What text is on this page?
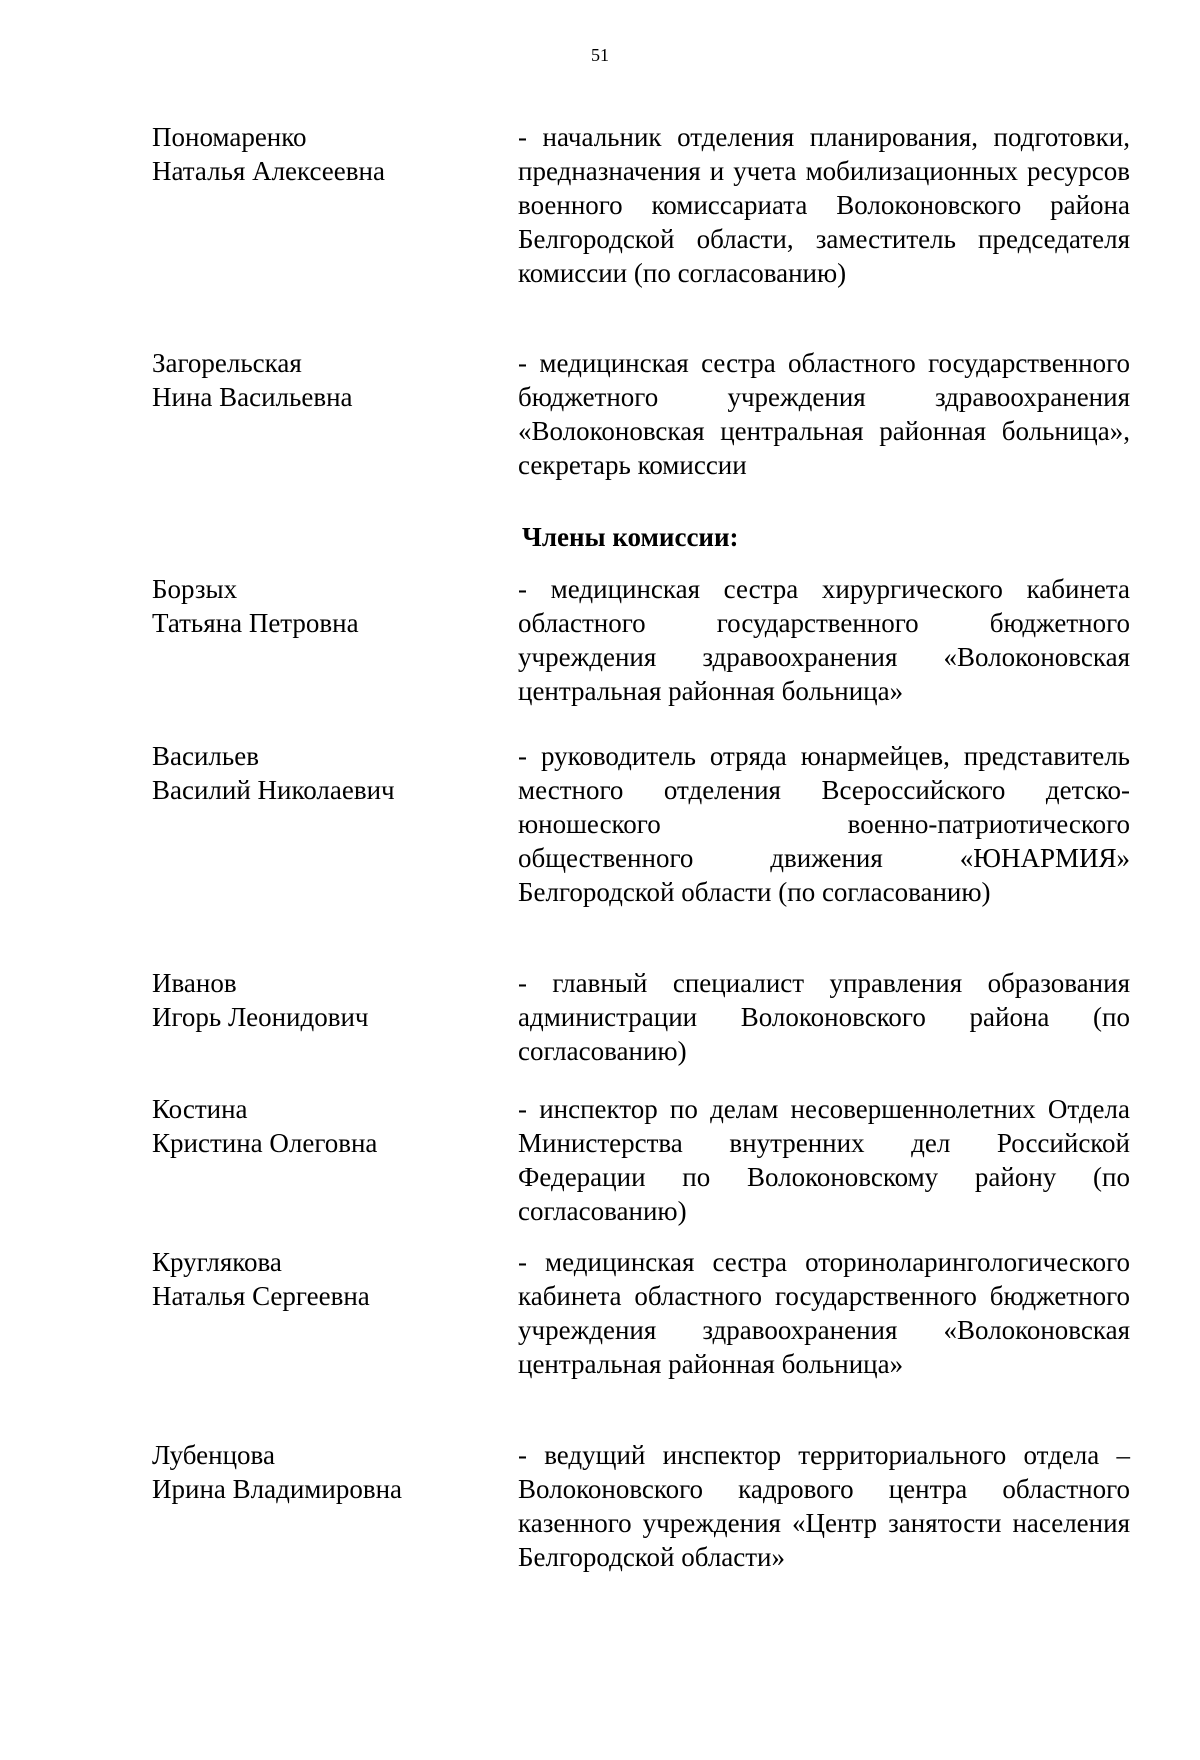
51
Пономаренко
Наталья Алексеевна
- начальник отделения планирования, подготовки, предназначения и учета мобилизационных ресурсов военного комиссариата Волоконовского района Белгородской области, заместитель председателя комиссии (по согласованию)
Загорельская
Нина Васильевна
- медицинская сестра областного государственного бюджетного учреждения здравоохранения «Волоконовская центральная районная больница», секретарь комиссии
Члены комиссии:
Борзых
Татьяна Петровна
- медицинская сестра хирургического кабинета областного государственного бюджетного учреждения здравоохранения «Волоконовская центральная районная больница»
Васильев
Василий Николаевич
- руководитель отряда юнармейцев, представитель местного отделения Всероссийского детско-юношеского военно-патриотического общественного движения «ЮНАРМИЯ» Белгородской области (по согласованию)
Иванов
Игорь Леонидович
- главный специалист управления образования администрации Волоконовского района (по согласованию)
Костина
Кристина Олеговна
- инспектор по делам несовершеннолетних Отдела Министерства внутренних дел Российской Федерации по Волоконовскому району (по согласованию)
Круглякова
Наталья Сергеевна
- медицинская сестра оториноларингологического кабинета областного государственного бюджетного учреждения здравоохранения «Волоконовская центральная районная больница»
Лубенцова
Ирина Владимировна
- ведущий инспектор территориального отдела – Волоконовского кадрового центра областного казенного учреждения «Центр занятости населения Белгородской области»
